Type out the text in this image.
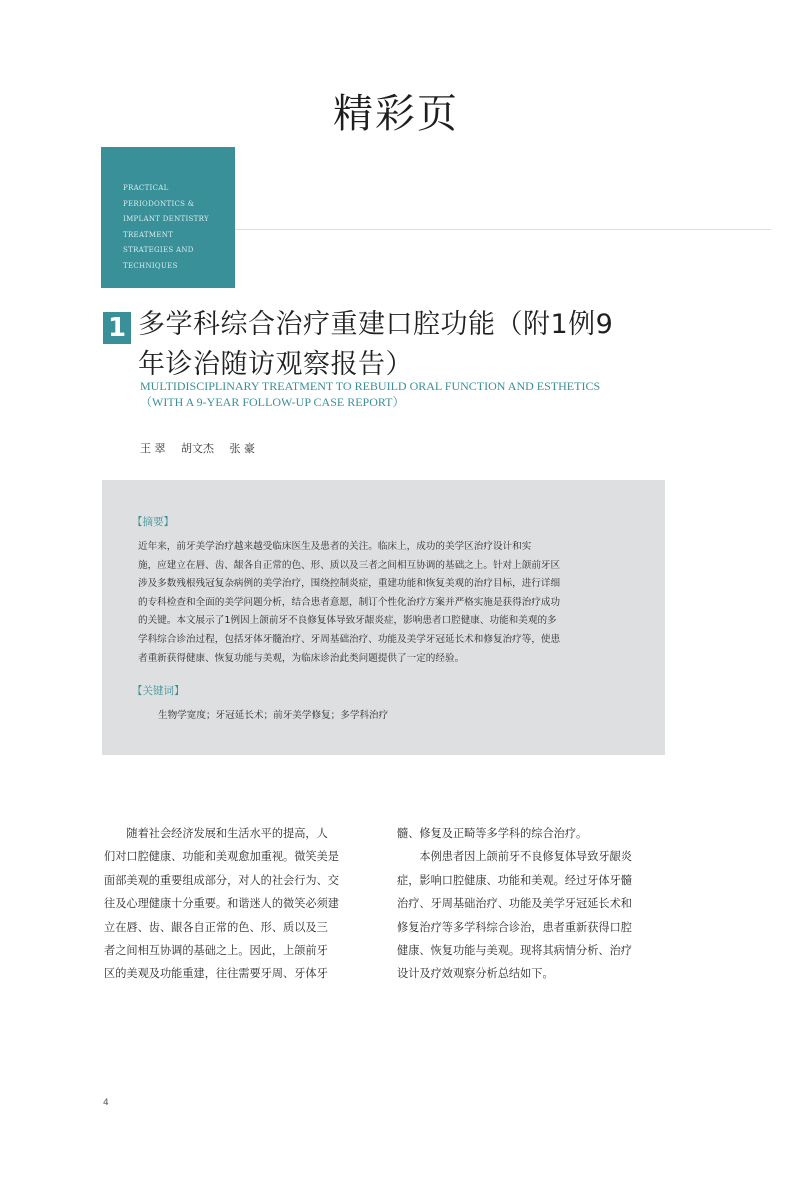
精彩页
PRACTICAL
PERIODONTICS &
IMPLANT DENTISTRY
TREATMENT
STRATEGIES AND
TECHNIQUES
1 多学科综合治疗重建口腔功能（附1例9
年诊治随访观察报告）
MULTIDISCIPLINARY TREATMENT TO REBUILD ORAL FUNCTION AND ESTHETICS
（WITH A 9-YEAR FOLLOW-UP CASE REPORT）
王 翠 胡文杰 张 豪
【摘要】
近年来，前牙美学治疗越来越受临床医生及患者的关注。临床上，成功的美学区治疗设计和实
施，应建立在唇、齿、龈各自正常的色、形、质以及三者之间相互协调的基础之上。针对上颌前牙区
涉及多数残根残冠复杂病例的美学治疗，围绕控制炎症，重建功能和恢复美观的治疗目标，进行详细
的专科检查和全面的美学问题分析，结合患者意愿，制订个性化治疗方案并严格实施是获得治疗成功
的关键。本文展示了1例因上颌前牙不良修复体导致牙龈炎症，影响患者口腔健康、功能和美观的多
学科综合诊治过程，包括牙体牙髓治疗、牙周基础治疗、功能及美学牙冠延长术和修复治疗等，使患
者重新获得健康、恢复功能与美观，为临床诊治此类问题提供了一定的经验。
【关键词】
生物学宽度；牙冠延长术；前牙美学修复；多学科治疗
　　随着社会经济发展和生活水平的提高，人
们对口腔健康、功能和美观愈加重视。微笑美是
面部美观的重要组成部分，对人的社会行为、交
往及心理健康十分重要。和谐迷人的微笑必须建
立在唇、齿、龈各自正常的色、形、质以及三
者之间相互协调的基础之上。因此，上颌前牙
区的美观及功能重建，往往需要牙周、牙体牙
髓、修复及正畸等多学科的综合治疗。
　　本例患者因上颌前牙不良修复体导致牙龈炎
症，影响口腔健康、功能和美观。经过牙体牙髓
治疗、牙周基础治疗、功能及美学牙冠延长术和
修复治疗等多学科综合诊治，患者重新获得口腔
健康、恢复功能与美观。现将其病情分析、治疗
设计及疗效观察分析总结如下。
4
